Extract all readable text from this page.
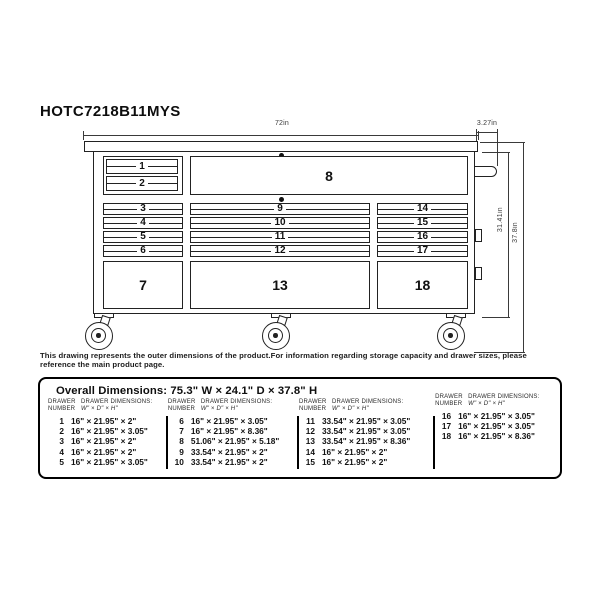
HOTC7218B11MYS
72in	3.27in
1
2	8
3
4
5
6
7
9
10
11
12
13
14
15
16
17
18
31.41in
37.8in

This drawing represents the outer dimensions of the product.For information regarding storage capacity and drawer sizes, please reference the main product page.

Overall Dimensions: 75.3" W × 24.1" D × 37.8" H
DRAWER DRAWER DIMENSIONS:
NUMBER W" × D" × H"
1 16" × 21.95" × 2"
2 16" × 21.95" × 3.05"
3 16" × 21.95" × 2"
4 16" × 21.95" × 2"
5 16" × 21.95" × 3.05"
DRAWER DRAWER DIMENSIONS:
NUMBER W" × D" × H"
6 16" × 21.95" × 3.05"
7 16" × 21.95" × 8.36"
8 51.06" × 21.95" × 5.18"
9 33.54" × 21.95" × 2"
10 33.54" × 21.95" × 2"
DRAWER DRAWER DIMENSIONS:
NUMBER W" × D" × H"
11 33.54" × 21.95" × 3.05"
12 33.54" × 21.95" × 3.05"
13 33.54" × 21.95" × 8.36"
14 16" × 21.95" × 2"
15 16" × 21.95" × 2"
DRAWER DRAWER DIMENSIONS:
NUMBER W" × D" × H"
16 16" × 21.95" × 3.05"
17 16" × 21.95" × 3.05"
18 16" × 21.95" × 8.36"
